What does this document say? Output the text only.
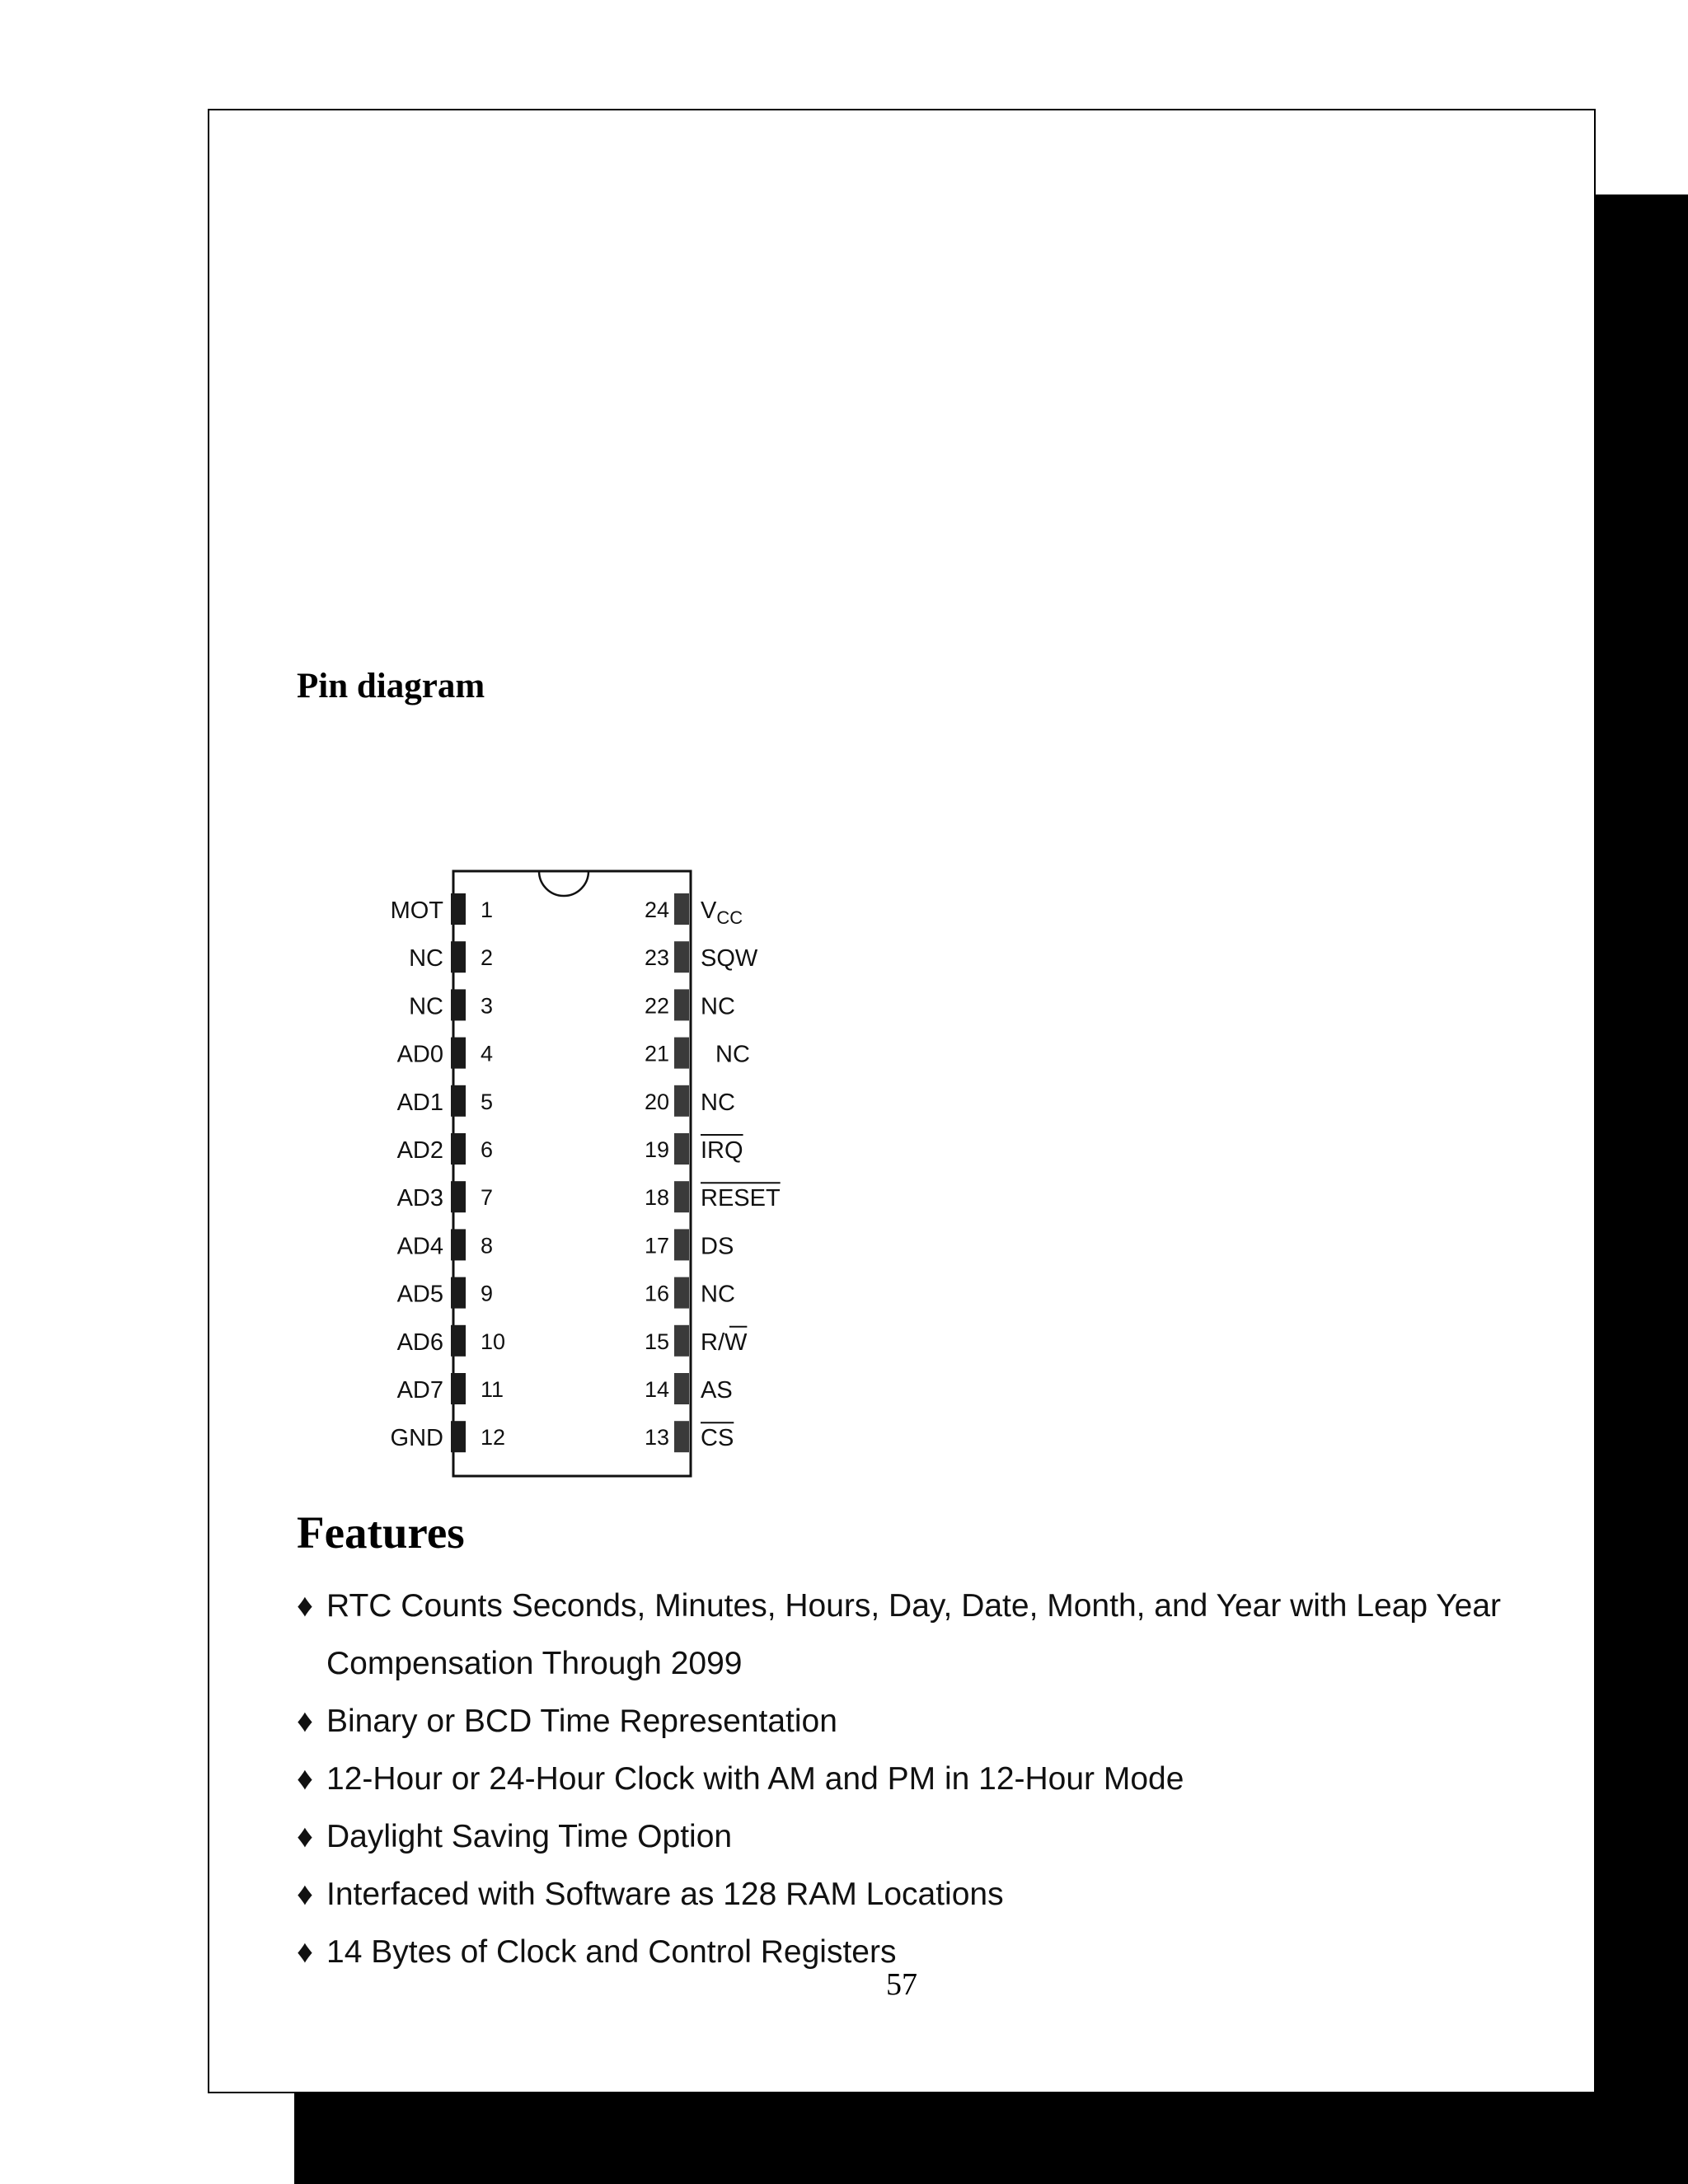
Pin diagram
1
MOT
2
NC
3
NC
4
AD0
5
AD1
6
AD2
7
AD3
8
AD4
9
AD5
10
AD6
11
AD7
12
GND
24 $V_{CC}$
23 SQW
22 NC
21 NC
20 NC
19 IRQ
18 RESET
17 DS
16 NC
15 R/W
14 AS
13 CS
Features
♦ RTC Counts Seconds, Minutes, Hours, Day, Date, Month, and Year with Leap Year Compensation Through 2099
♦ Binary or BCD Time Representation
♦ 12-Hour or 24-Hour Clock with AM and PM in 12-Hour Mode
♦ Daylight Saving Time Option
♦ Interfaced with Software as 128 RAM Locations
♦ 14 Bytes of Clock and Control Registers
57
